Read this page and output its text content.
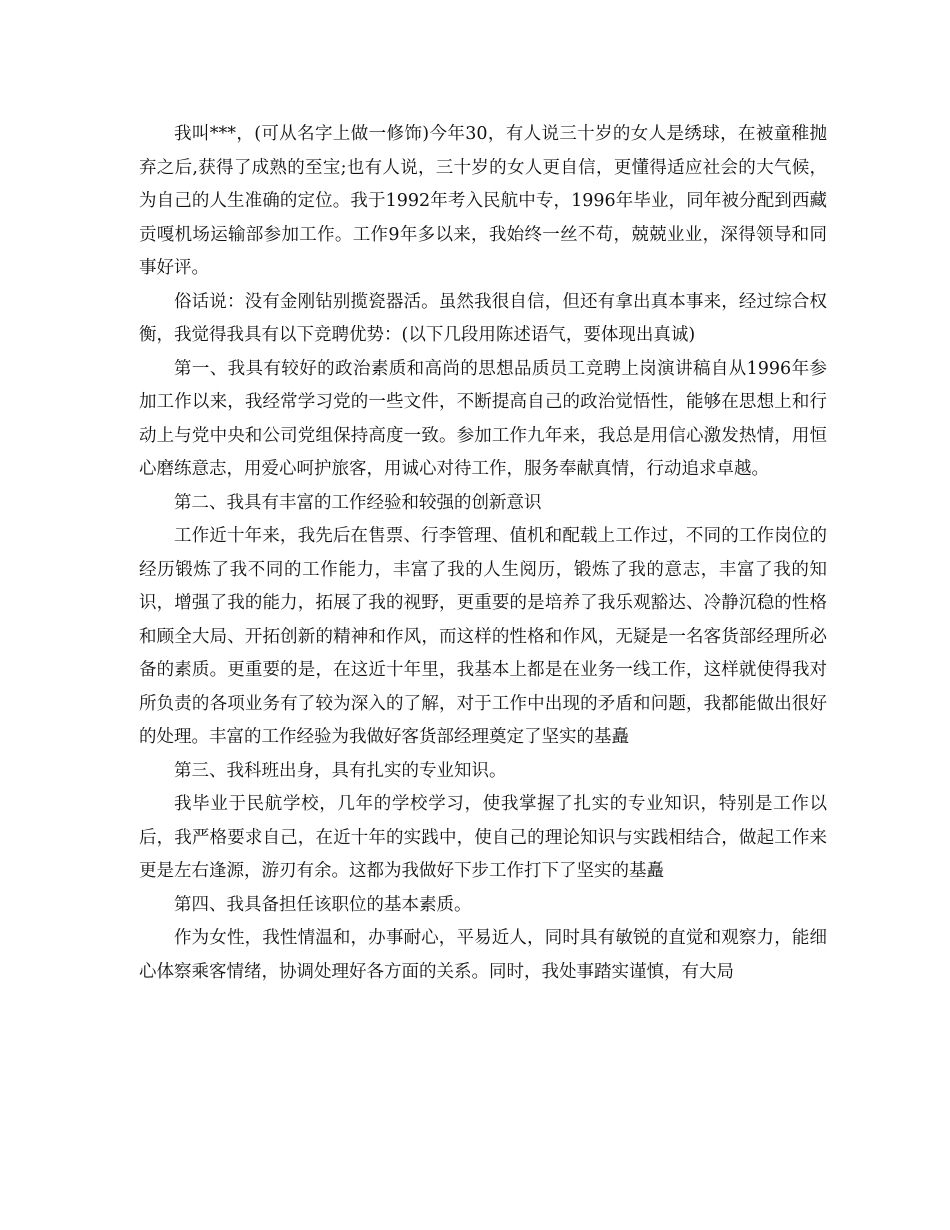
我叫***，(可从名字上做一修饰)今年30，有人说三十岁的女人是绣球，在被童稚抛弃之后,获得了成熟的至宝;也有人说，三十岁的女人更自信，更懂得适应社会的大气候，为自己的人生准确的定位。我于1992年考入民航中专，1996年毕业，同年被分配到西藏贡嘎机场运输部参加工作。工作9年多以来，我始终一丝不苟，兢兢业业，深得领导和同事好评。

俗话说：没有金刚钻别揽瓷器活。虽然我很自信，但还有拿出真本事来，经过综合权衡，我觉得我具有以下竞聘优势：(以下几段用陈述语气，要体现出真诚)

第一、我具有较好的政治素质和高尚的思想品质员工竞聘上岗演讲稿自从1996年参加工作以来，我经常学习党的一些文件，不断提高自己的政治觉悟性，能够在思想上和行动上与党中央和公司党组保持高度一致。参加工作九年来，我总是用信心激发热情，用恒心磨练意志，用爱心呵护旅客，用诚心对待工作，服务奉献真情，行动追求卓越。

第二、我具有丰富的工作经验和较强的创新意识

工作近十年来，我先后在售票、行李管理、值机和配载上工作过，不同的工作岗位的经历锻炼了我不同的工作能力，丰富了我的人生阅历，锻炼了我的意志，丰富了我的知识，增强了我的能力，拓展了我的视野，更重要的是培养了我乐观豁达、冷静沉稳的性格和顾全大局、开拓创新的精神和作风，而这样的性格和作风，无疑是一名客货部经理所必备的素质。更重要的是，在这近十年里，我基本上都是在业务一线工作，这样就使得我对所负责的各项业务有了较为深入的了解，对于工作中出现的矛盾和问题，我都能做出很好的处理。丰富的工作经验为我做好客货部经理奠定了坚实的基矗

第三、我科班出身，具有扎实的专业知识。

我毕业于民航学校，几年的学校学习，使我掌握了扎实的专业知识，特别是工作以后，我严格要求自己，在近十年的实践中，使自己的理论知识与实践相结合，做起工作来更是左右逢源，游刃有余。这都为我做好下步工作打下了坚实的基矗

第四、我具备担任该职位的基本素质。

作为女性，我性情温和，办事耐心，平易近人，同时具有敏锐的直觉和观察力，能细心体察乘客情绪，协调处理好各方面的关系。同时，我处事踏实谨慎，有大局
